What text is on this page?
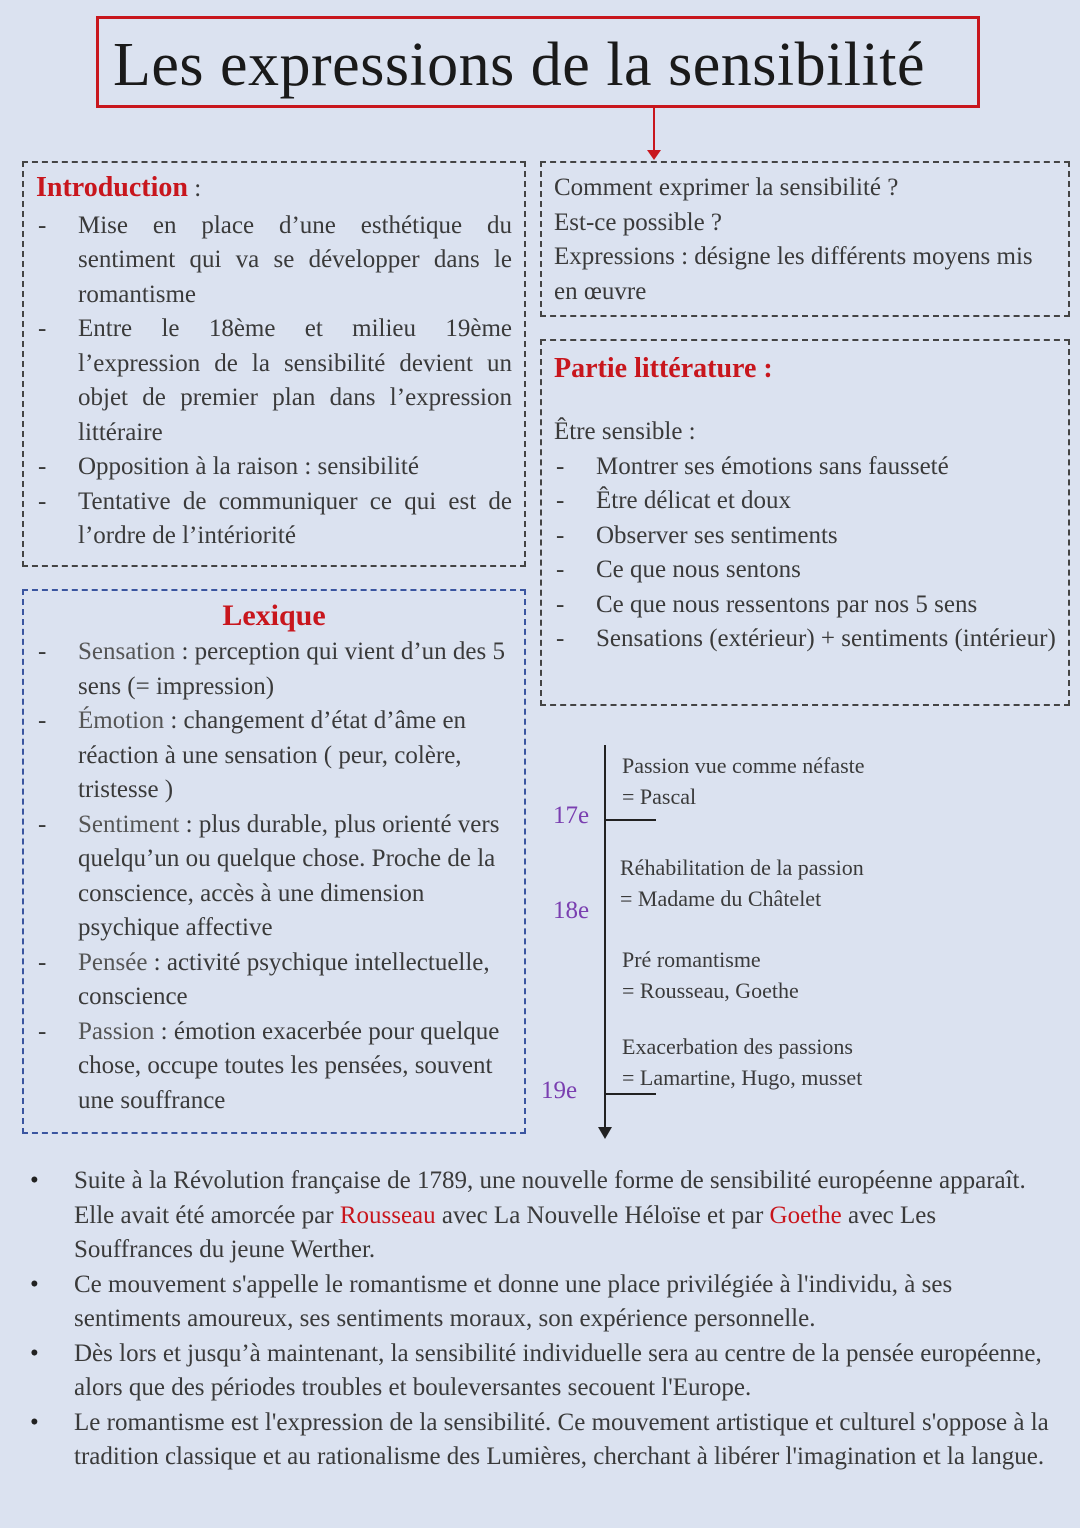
Les expressions de la sensibilité
Introduction :
- Mise en place d’une esthétique du sentiment qui va se développer dans le romantisme
- Entre le 18ème et milieu 19ème l’expression de la sensibilité devient un objet de premier plan dans l’expression littéraire
- Opposition à la raison : sensibilité
- Tentative de communiquer ce qui est de l’ordre de l’intériorité
Comment exprimer la sensibilité ?
Est-ce possible ?
Expressions : désigne les différents moyens mis en œuvre
Partie littérature :
Être sensible :
- Montrer ses émotions sans fausseté
- Être délicat et doux
- Observer ses sentiments
- Ce que nous sentons
- Ce que nous ressentons par nos 5 sens
- Sensations (extérieur) + sentiments (intérieur)
Lexique
- Sensation : perception qui vient d’un des 5 sens (= impression)
- Émotion : changement d’état d’âme en réaction à une sensation ( peur, colère, tristesse )
- Sentiment : plus durable, plus orienté vers quelqu’un ou quelque chose. Proche de la conscience, accès à une dimension psychique affective
- Pensée : activité psychique intellectuelle, conscience
- Passion : émotion exacerbée pour quelque chose, occupe toutes les pensées, souvent une souffrance
17e
18e
19e
Passion vue comme néfaste
= Pascal
Réhabilitation de la passion
= Madame du Châtelet
Pré romantisme
= Rousseau, Goethe
Exacerbation des passions
= Lamartine, Hugo, musset
• Suite à la Révolution française de 1789, une nouvelle forme de sensibilité européenne apparaît. Elle avait été amorcée par Rousseau avec La Nouvelle Héloïse et par Goethe avec Les Souffrances du jeune Werther.
• Ce mouvement s'appelle le romantisme et donne une place privilégiée à l'individu, à ses sentiments amoureux, ses sentiments moraux, son expérience personnelle.
• Dès lors et jusqu’à maintenant, la sensibilité individuelle sera au centre de la pensée européenne, alors que des périodes troubles et bouleversantes secouent l'Europe.
• Le romantisme est l'expression de la sensibilité. Ce mouvement artistique et culturel s'oppose à la tradition classique et au rationalisme des Lumières, cherchant à libérer l'imagination et la langue.
